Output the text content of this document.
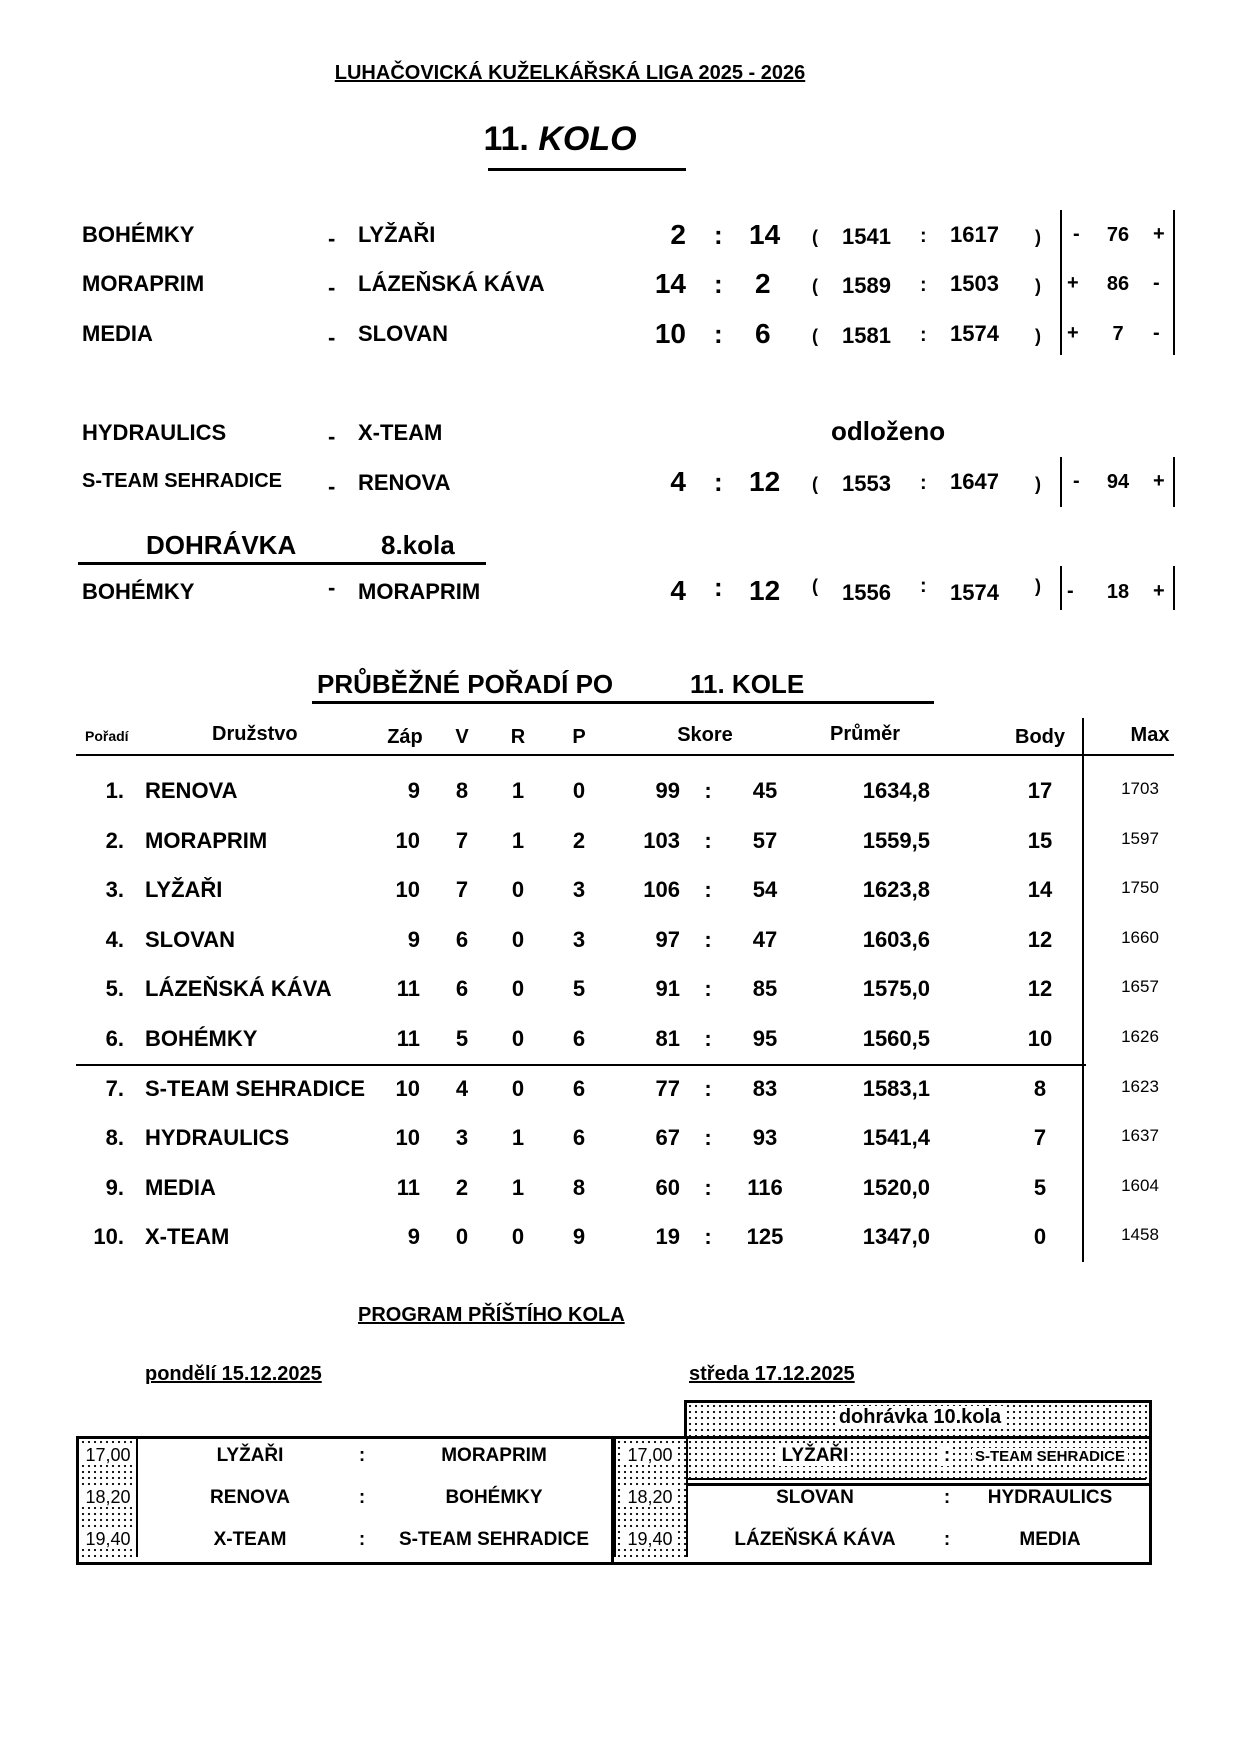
LUHAČOVICKÁ KUŽELKÁŘSKÁ LIGA 2025 - 2026
11. KOLO
BOHÉMKY	- LYŽAŘI	2 : 14 ( 1541 : 1617 ) -	76	+
MORAPRIM	- LÁZEŇSKÁ KÁVA	14 : 2 ( 1589 : 1503 ) +	86	-
MEDIA	- SLOVAN	10 : 6 ( 1581 : 1574 ) +	7	-
HYDRAULICS	- X-TEAM	odloženo
S-TEAM SEHRADICE - RENOVA	4 : 12 ( 1553 : 1647 ) -	94	+
DOHRÁVKA	8.kola
BOHÉMKY	- MORAPRIM	4 : 12 ( 1556 : 1574 ) -	18	+
PRŮBĚŽNÉ POŘADÍ PO	11. KOLE
Pořadí	Družstvo	Záp	V	R	P	Skore	Průměr	Body	Max
1. RENOVA	9	8	1	0	99 :	45	1634,8	17	1703
2. MORAPRIM	10	7	1	2	103 :	57	1559,5	15	1597
3. LYŽAŘI	10	7	0	3	106 :	54	1623,8	14	1750
4. SLOVAN	9	6	0	3	97 :	47	1603,6	12	1660
5. LÁZEŇSKÁ KÁVA	11	6	0	5	91 :	85	1575,0	12	1657
6. BOHÉMKY	11	5	0	6	81 :	95	1560,5	10	1626
7. S-TEAM SEHRADICE	10	4	0	6	77 :	83	1583,1	8	1623
8. HYDRAULICS	10	3	1	6	67 :	93	1541,4	7	1637
9. MEDIA	11	2	1	8	60 :	116	1520,0	5	1604
10. X-TEAM	9	0	0	9	19 :	125	1347,0	0	1458
PROGRAM PŘÍŠTÍHO KOLA
pondělí 15.12.2025	středa 17.12.2025
dohrávka 10.kola
17,00	LYŽAŘI	:	MORAPRIM
18,20	RENOVA	:	BOHÉMKY
19,40	X-TEAM	:	S-TEAM SEHRADICE
17,00	LYŽAŘI	:	S-TEAM SEHRADICE
18,20	SLOVAN	:	HYDRAULICS
19,40	LÁZEŇSKÁ KÁVA	:	MEDIA
